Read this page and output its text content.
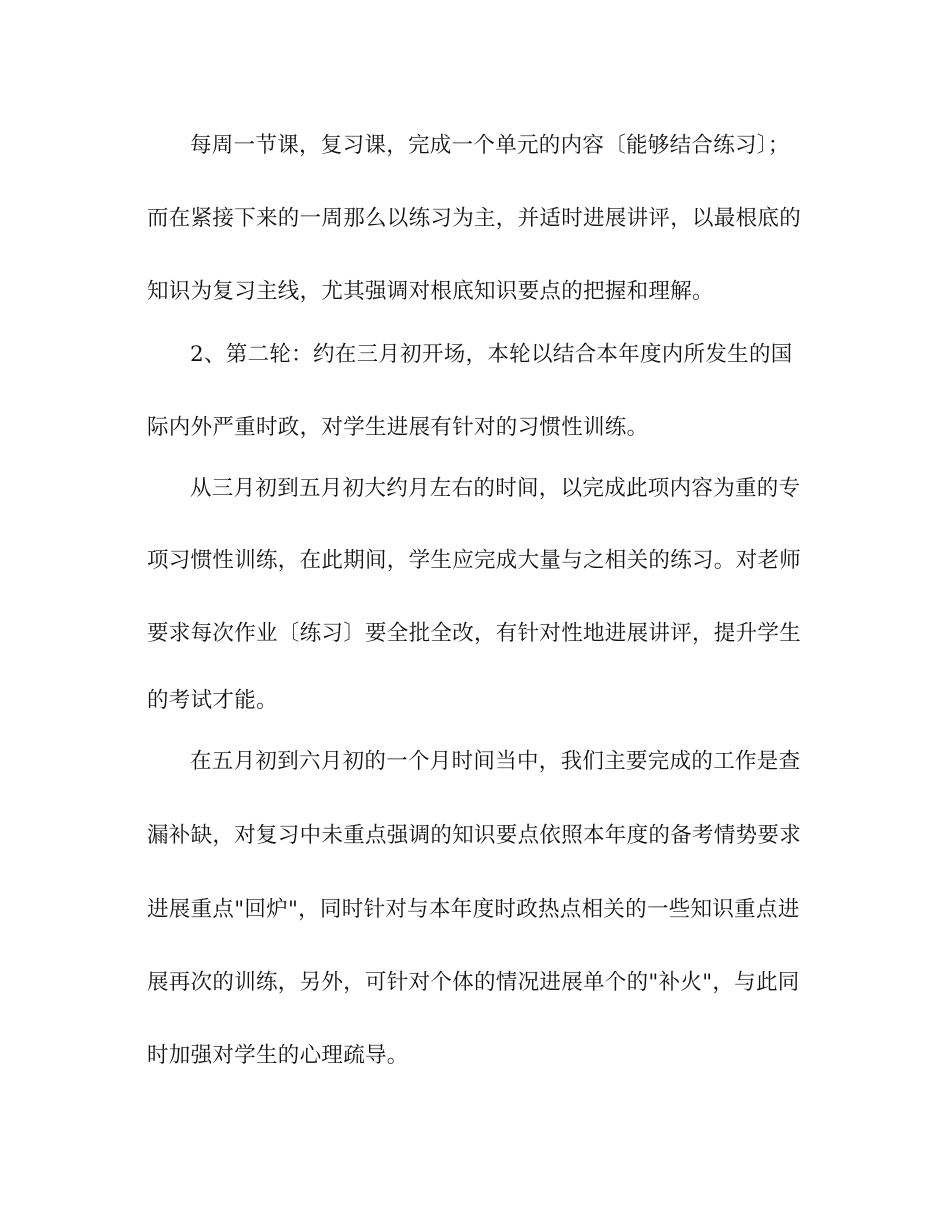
每周一节课，复习课，完成一个单元的内容〔能够结合练习〕；
而在紧接下来的一周那么以练习为主，并适时进展讲评，以最根底的
知识为复习主线，尤其强调对根底知识要点的把握和理解。
2、第二轮：约在三月初开场，本轮以结合本年度内所发生的国
际内外严重时政，对学生进展有针对的习惯性训练。
从三月初到五月初大约月左右的时间，以完成此项内容为重的专
项习惯性训练，在此期间，学生应完成大量与之相关的练习。对老师
要求每次作业〔练习〕要全批全改，有针对性地进展讲评，提升学生
的考试才能。
在五月初到六月初的一个月时间当中，我们主要完成的工作是查
漏补缺，对复习中未重点强调的知识要点依照本年度的备考情势要求
进展重点"回炉"，同时针对与本年度时政热点相关的一些知识重点进
展再次的训练，另外，可针对个体的情况进展单个的"补火"，与此同
时加强对学生的心理疏导。
